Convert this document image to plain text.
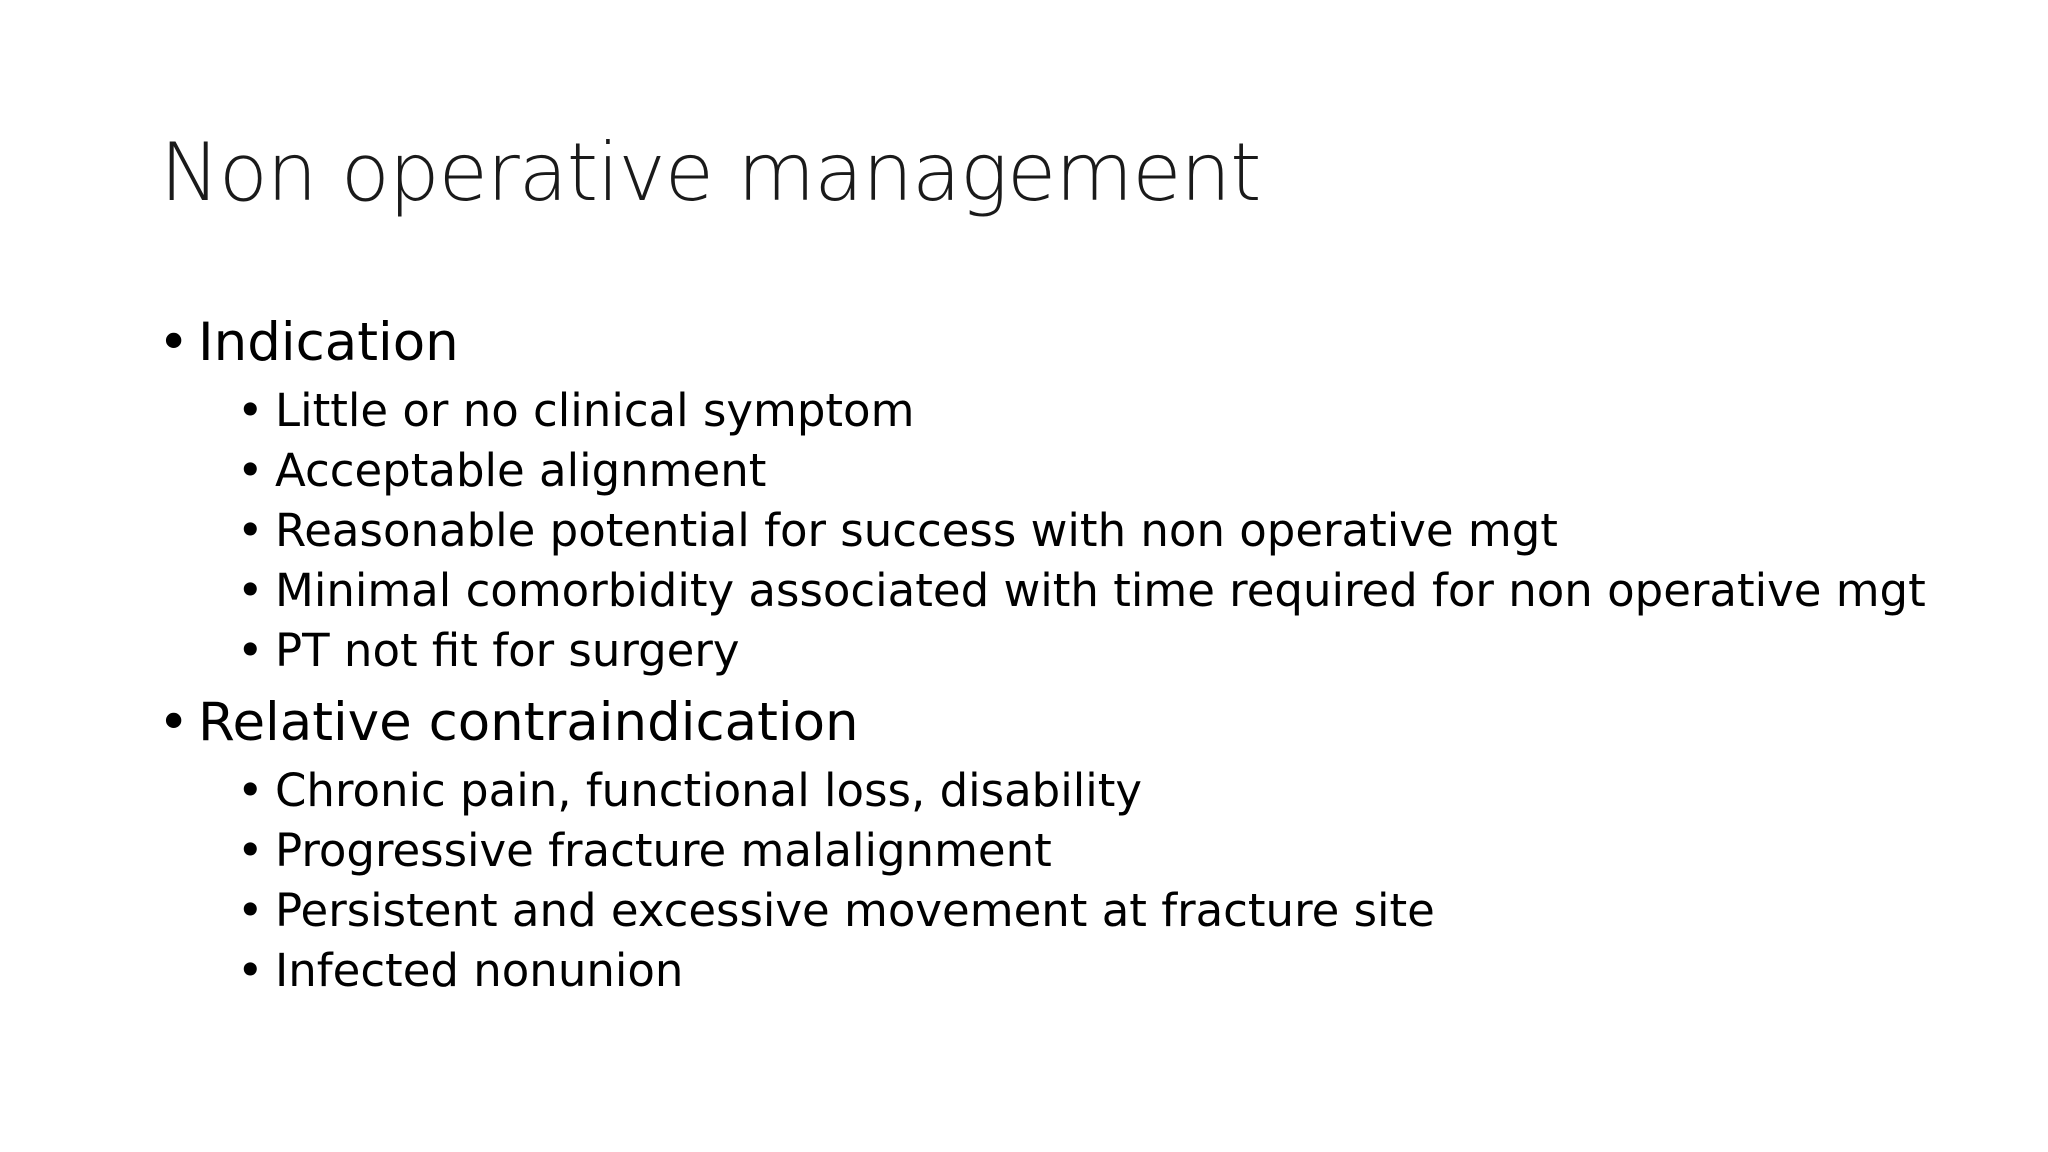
Non operative management
• Indication
• Little or no clinical symptom
• Acceptable alignment
• Reasonable potential for success with non operative mgt
• Minimal comorbidity associated with time required for non operative mgt
• PT not fit for surgery
• Relative contraindication
• Chronic pain, functional loss, disability
• Progressive fracture malalignment
• Persistent and excessive movement at fracture site
• Infected nonunion
